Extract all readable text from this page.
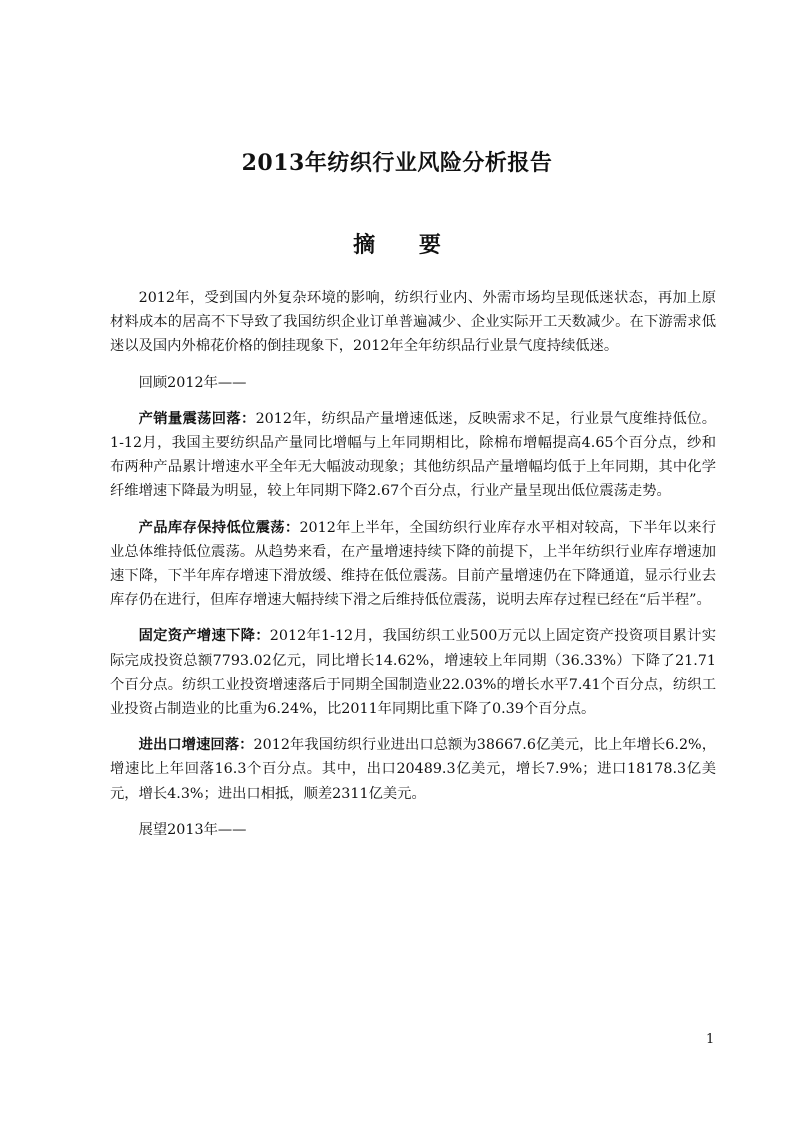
2013年纺织行业风险分析报告
摘 要

2012年，受到国内外复杂环境的影响，纺织行业内、外需市场均呈现低迷状态，再加上原材料成本的居高不下导致了我国纺织企业订单普遍减少、企业实际开工天数减少。在下游需求低迷以及国内外棉花价格的倒挂现象下，2012年全年纺织品行业景气度持续低迷。

回顾2012年——

产销量震荡回落：2012年，纺织品产量增速低迷，反映需求不足，行业景气度维持低位。1-12月，我国主要纺织品产量同比增幅与上年同期相比，除棉布增幅提高4.65个百分点，纱和布两种产品累计增速水平全年无大幅波动现象；其他纺织品产量增幅均低于上年同期，其中化学纤维增速下降最为明显，较上年同期下降2.67个百分点，行业产量呈现出低位震荡走势。

产品库存保持低位震荡：2012年上半年，全国纺织行业库存水平相对较高，下半年以来行业总体维持低位震荡。从趋势来看，在产量增速持续下降的前提下，上半年纺织行业库存增速加速下降，下半年库存增速下滑放缓、维持在低位震荡。目前产量增速仍在下降通道，显示行业去库存仍在进行，但库存增速大幅持续下滑之后维持低位震荡，说明去库存过程已经在“后半程”。

固定资产增速下降：2012年1-12月，我国纺织工业500万元以上固定资产投资项目累计实际完成投资总额7793.02亿元，同比增长14.62%，增速较上年同期（36.33%）下降了21.71个百分点。纺织工业投资增速落后于同期全国制造业22.03%的增长水平7.41个百分点，纺织工业投资占制造业的比重为6.24%，比2011年同期比重下降了0.39个百分点。

进出口增速回落：2012年我国纺织行业进出口总额为38667.6亿美元，比上年增长6.2%，增速比上年回落16.3个百分点。其中，出口20489.3亿美元，增长7.9%；进口18178.3亿美元，增长4.3%；进出口相抵，顺差2311亿美元。

展望2013年——

1
